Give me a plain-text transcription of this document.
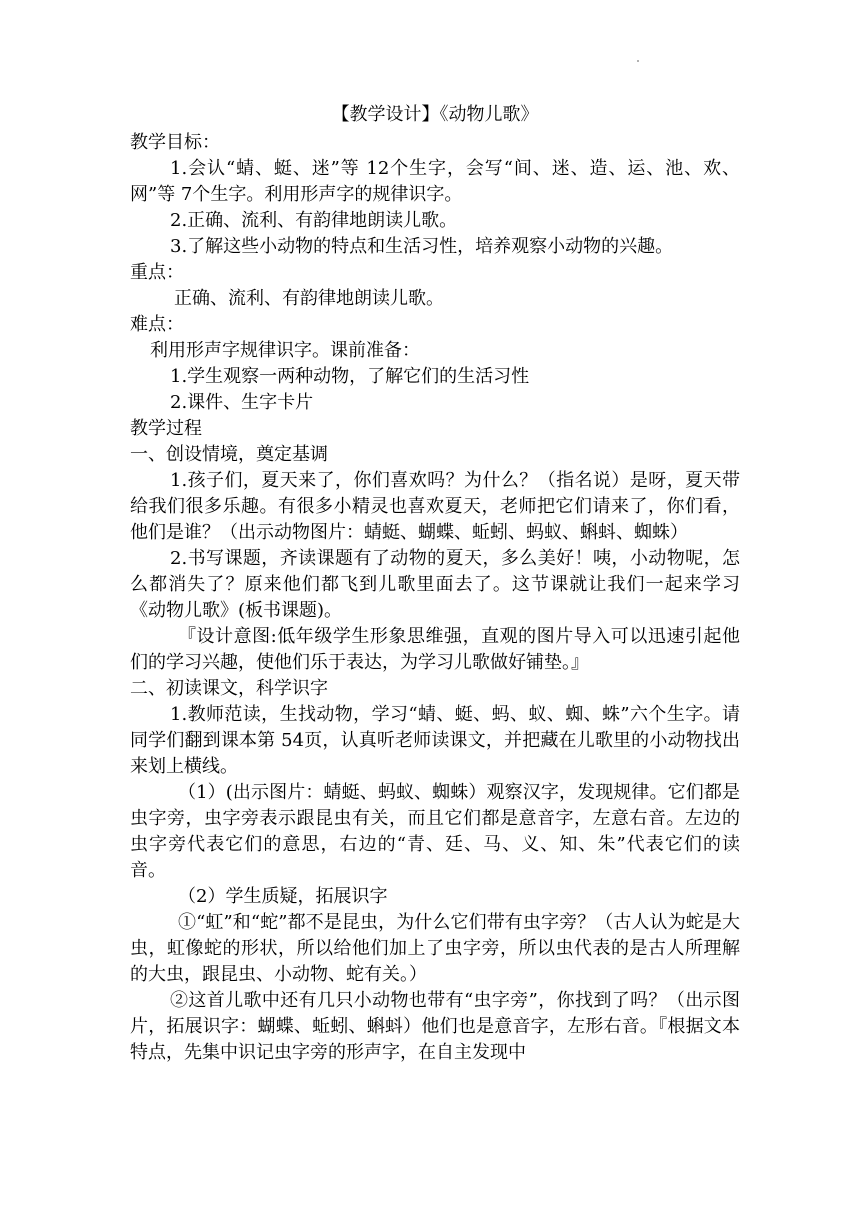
【教学设计】《动物儿歌》

教学目标：

1.会认“蜻、蜓、迷”等 12个生字，会写“间、迷、造、运、池、欢、网”等 7个生字。利用形声字的规律识字。

2.正确、流利、有韵律地朗读儿歌。

3.了解这些小动物的特点和生活习性，培养观察小动物的兴趣。

重点：

正确、流利、有韵律地朗读儿歌。

难点：

利用形声字规律识字。课前准备：

1.学生观察一两种动物，了解它们的生活习性

2.课件、生字卡片

教学过程

一、创设情境，奠定基调

1.孩子们，夏天来了，你们喜欢吗？为什么？（指名说）是呀，夏天带给我们很多乐趣。有很多小精灵也喜欢夏天，老师把它们请来了，你们看，他们是谁？（出示动物图片：蜻蜓、蝴蝶、蚯蚓、蚂蚁、蝌蚪、蜘蛛）

2.书写课题，齐读课题有了动物的夏天，多么美好！咦，小动物呢，怎么都消失了？原来他们都飞到儿歌里面去了。这节课就让我们一起来学习《动物儿歌》(板书课题)。

『设计意图:低年级学生形象思维强，直观的图片导入可以迅速引起他们的学习兴趣，使他们乐于表达，为学习儿歌做好铺垫。』

二、初读课文，科学识字

1.教师范读，生找动物，学习“蜻、蜓、蚂、蚁、蜘、蛛”六个生字。请同学们翻到课本第 54页，认真听老师读课文，并把藏在儿歌里的小动物找出来划上横线。

（1）(出示图片：蜻蜓、蚂蚁、蜘蛛）观察汉字，发现规律。它们都是虫字旁，虫字旁表示跟昆虫有关，而且它们都是意音字，左意右音。左边的虫字旁代表它们的意思，右边的“青、廷、马、义、知、朱”代表它们的读音。

（2）学生质疑，拓展识字

①“虹”和“蛇”都不是昆虫，为什么它们带有虫字旁？（古人认为蛇是大虫，虹像蛇的形状，所以给他们加上了虫字旁，所以虫代表的是古人所理解的大虫，跟昆虫、小动物、蛇有关。）

②这首儿歌中还有几只小动物也带有“虫字旁”，你找到了吗？（出示图片，拓展识字：蝴蝶、蚯蚓、蝌蚪）他们也是意音字，左形右音。『根据文本特点，先集中识记虫字旁的形声字，在自主发现中
